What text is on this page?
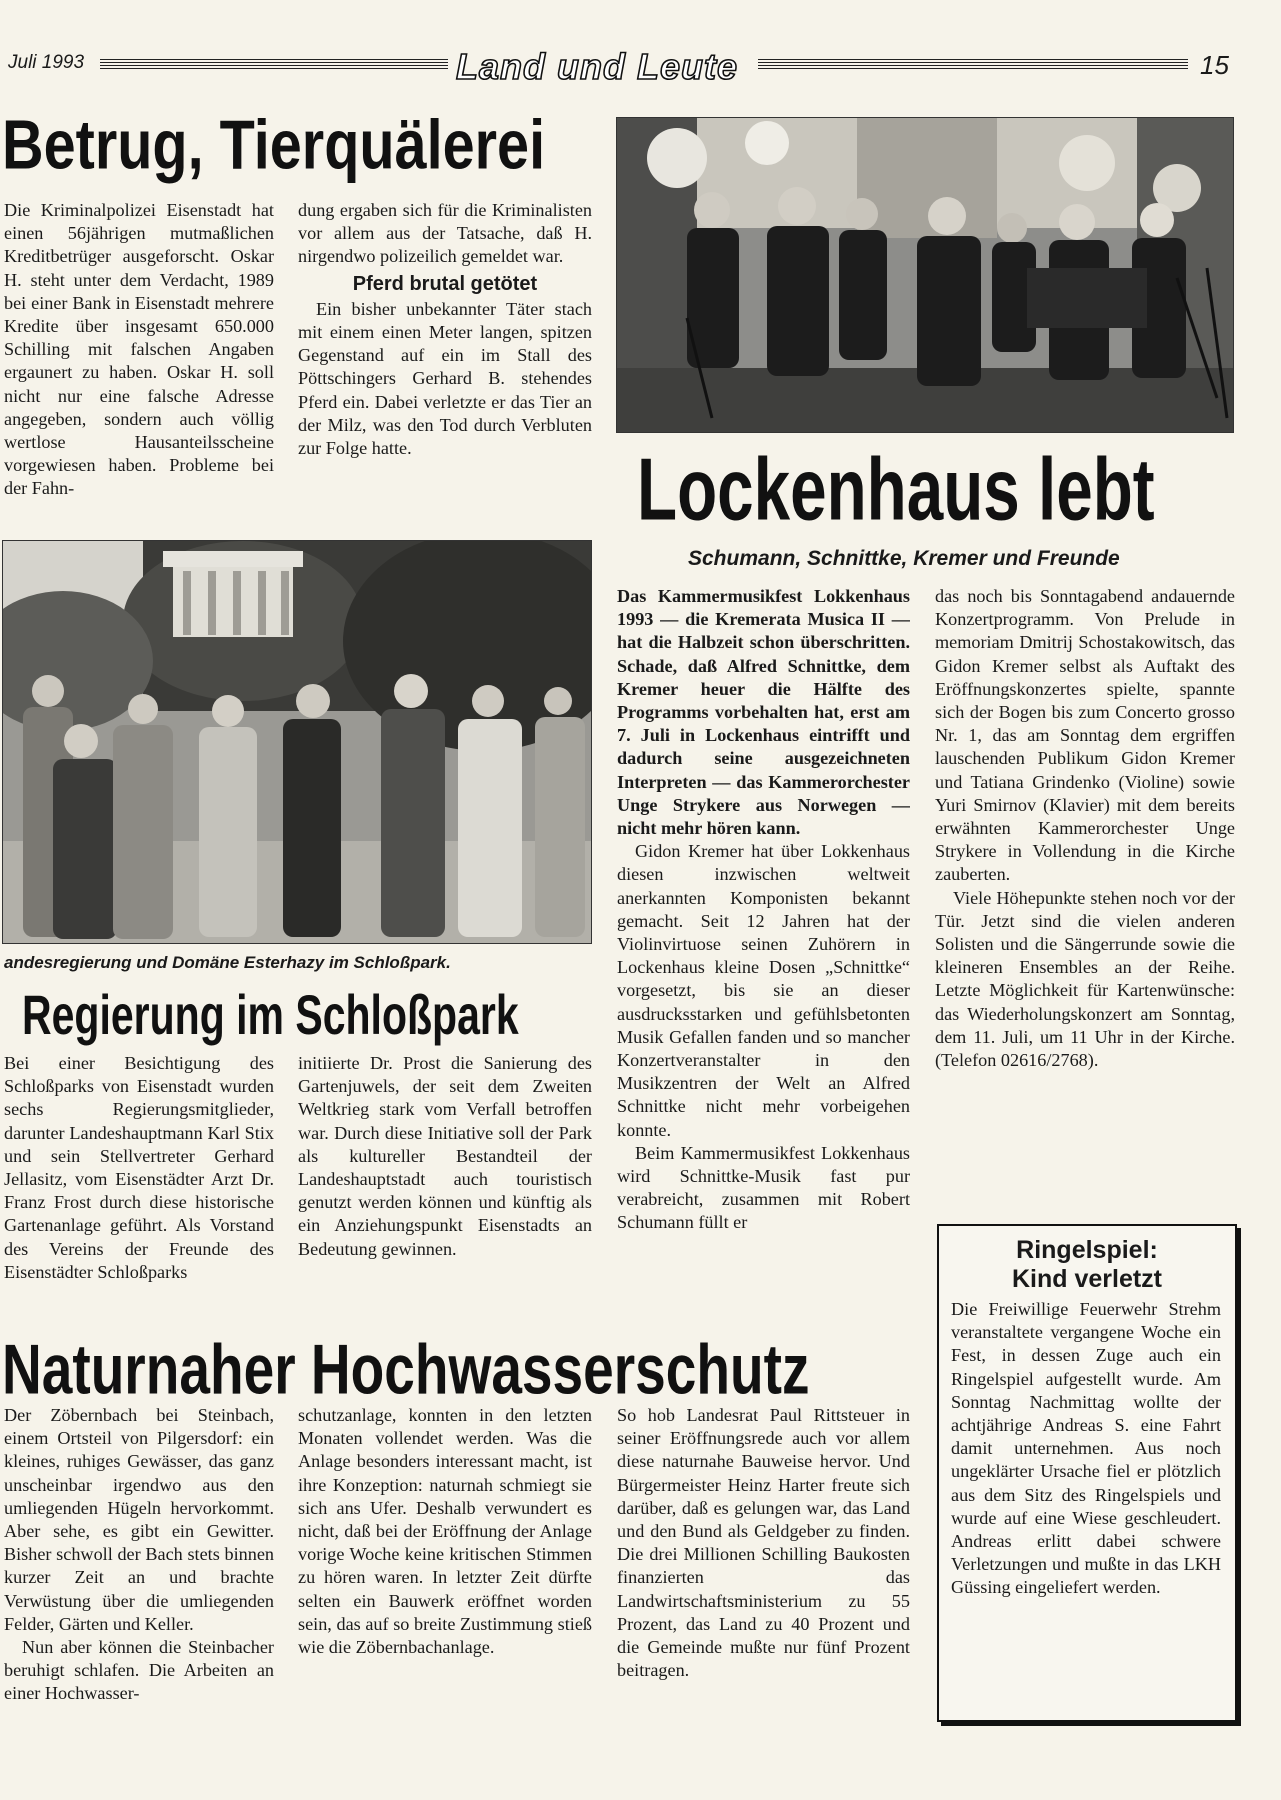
Juli 1993	Land und Leute	15
Betrug, Tierquälerei

Die Kriminalpolizei Eisenstadt hat einen 56jährigen mutmaßlichen Kreditbetrüger ausgeforscht. Oskar H. steht unter dem Verdacht, 1989 bei einer Bank in Eisenstadt mehrere Kredite über insgesamt 650.000 Schilling mit falschen Angaben ergaunert zu haben. Oskar H. soll nicht nur eine falsche Adresse angegeben, sondern auch völlig wertlose Hausanteilsscheine vorgewiesen haben. Probleme bei der Fahn-

dung ergaben sich für die Kriminalisten vor allem aus der Tatsache, daß H. nirgendwo polizeilich gemeldet war.

Pferd brutal getötet

Ein bisher unbekannter Täter stach mit einem einen Meter langen, spitzen Gegenstand auf ein im Stall des Pöttschingers Gerhard B. stehendes Pferd ein. Dabei verletzte er das Tier an der Milz, was den Tod durch Verbluten zur Folge hatte.	Lockenhaus lebt
Schumann, Schnittke, Kremer und Freunde

Das Kammermusikfest Lokkenhaus 1993 — die Kremerata Musica II — hat die Halbzeit schon überschritten. Schade, daß Alfred Schnittke, dem Kremer heuer die Hälfte des Programms vorbehalten hat, erst am 7. Juli in Lockenhaus eintrifft und dadurch seine ausgezeichneten Interpreten — das Kammerorchester Unge Strykere aus Norwegen — nicht mehr hören kann.

Gidon Kremer hat über Lokkenhaus diesen inzwischen weltweit anerkannten Komponisten bekannt gemacht. Seit 12 Jahren hat der Violinvirtuose seinen Zuhörern in Lockenhaus kleine Dosen „Schnittke“ vorgesetzt, bis sie an dieser ausdrucksstarken und gefühlsbetonten Musik Gefallen fanden und so mancher Konzertveranstalter in den Musikzentren der Welt an Alfred Schnittke nicht mehr vorbeigehen konnte.

Beim Kammermusikfest Lokkenhaus wird Schnittke-Musik fast pur verabreicht, zusammen mit Robert Schumann füllt er

das noch bis Sonntagabend andauernde Konzertprogramm. Von Prelude in memoriam Dmitrij Schostakowitsch, das Gidon Kremer selbst als Auftakt des Eröffnungskonzertes spielte, spannte sich der Bogen bis zum Concerto grosso Nr. 1, das am Sonntag dem ergriffen lauschenden Publikum Gidon Kremer und Tatiana Grindenko (Violine) sowie Yuri Smirnov (Klavier) mit dem bereits erwähnten Kammerorchester Unge Strykere in Vollendung in die Kirche zauberten.

Viele Höhepunkte stehen noch vor der Tür. Jetzt sind die vielen anderen Solisten und die Sängerrunde sowie die kleineren Ensembles an der Reihe. Letzte Möglichkeit für Kartenwünsche: das Wiederholungskonzert am Sonntag, dem 11. Juli, um 11 Uhr in der Kirche. (Telefon 02616/2768).

andesregierung und Domäne Esterhazy im Schloßpark.
Regierung im Schloßpark

Bei einer Besichtigung des Schloßparks von Eisenstadt wurden sechs Regierungsmitglieder, darunter Landeshauptmann Karl Stix und sein Stellvertreter Gerhard Jellasitz, vom Eisenstädter Arzt Dr. Franz Frost durch diese historische Gartenanlage geführt. Als Vorstand des Vereins der Freunde des Eisenstädter Schloßparks

initiierte Dr. Prost die Sanierung des Gartenjuwels, der seit dem Zweiten Weltkrieg stark vom Verfall betroffen war. Durch diese Initiative soll der Park als kultureller Bestandteil der Landeshauptstadt auch touristisch genutzt werden können und künftig als ein Anziehungspunkt Eisenstadts an Bedeutung gewinnen.

Naturnaher Hochwasserschutz

Der Zöbernbach bei Steinbach, einem Ortsteil von Pilgersdorf: ein kleines, ruhiges Gewässer, das ganz unscheinbar irgendwo aus den umliegenden Hügeln hervorkommt. Aber sehe, es gibt ein Gewitter. Bisher schwoll der Bach stets binnen kurzer Zeit an und brachte Verwüstung über die umliegenden Felder, Gärten und Keller.

Nun aber können die Steinbacher beruhigt schlafen. Die Arbeiten an einer Hochwasser-

schutzanlage, konnten in den letzten Monaten vollendet werden. Was die Anlage besonders interessant macht, ist ihre Konzeption: naturnah schmiegt sie sich ans Ufer. Deshalb verwundert es nicht, daß bei der Eröffnung der Anlage vorige Woche keine kritischen Stimmen zu hören waren. In letzter Zeit dürfte selten ein Bauwerk eröffnet worden sein, das auf so breite Zustimmung stieß wie die Zöbernbachanlage.

So hob Landesrat Paul Rittsteuer in seiner Eröffnungsrede auch vor allem diese naturnahe Bauweise hervor. Und Bürgermeister Heinz Harter freute sich darüber, daß es gelungen war, das Land und den Bund als Geldgeber zu finden. Die drei Millionen Schilling Baukosten finanzierten das Landwirtschaftsministerium zu 55 Prozent, das Land zu 40 Prozent und die Gemeinde mußte nur fünf Prozent beitragen.

Ringelspiel:
Kind verletzt

Die Freiwillige Feuerwehr Strehm veranstaltete vergangene Woche ein Fest, in dessen Zuge auch ein Ringelspiel aufgestellt wurde. Am Sonntag Nachmittag wollte der achtjährige Andreas S. eine Fahrt damit unternehmen. Aus noch ungeklärter Ursache fiel er plötzlich aus dem Sitz des Ringelspiels und wurde auf eine Wiese geschleudert. Andreas erlitt dabei schwere Verletzungen und mußte in das LKH Güssing eingeliefert werden.
